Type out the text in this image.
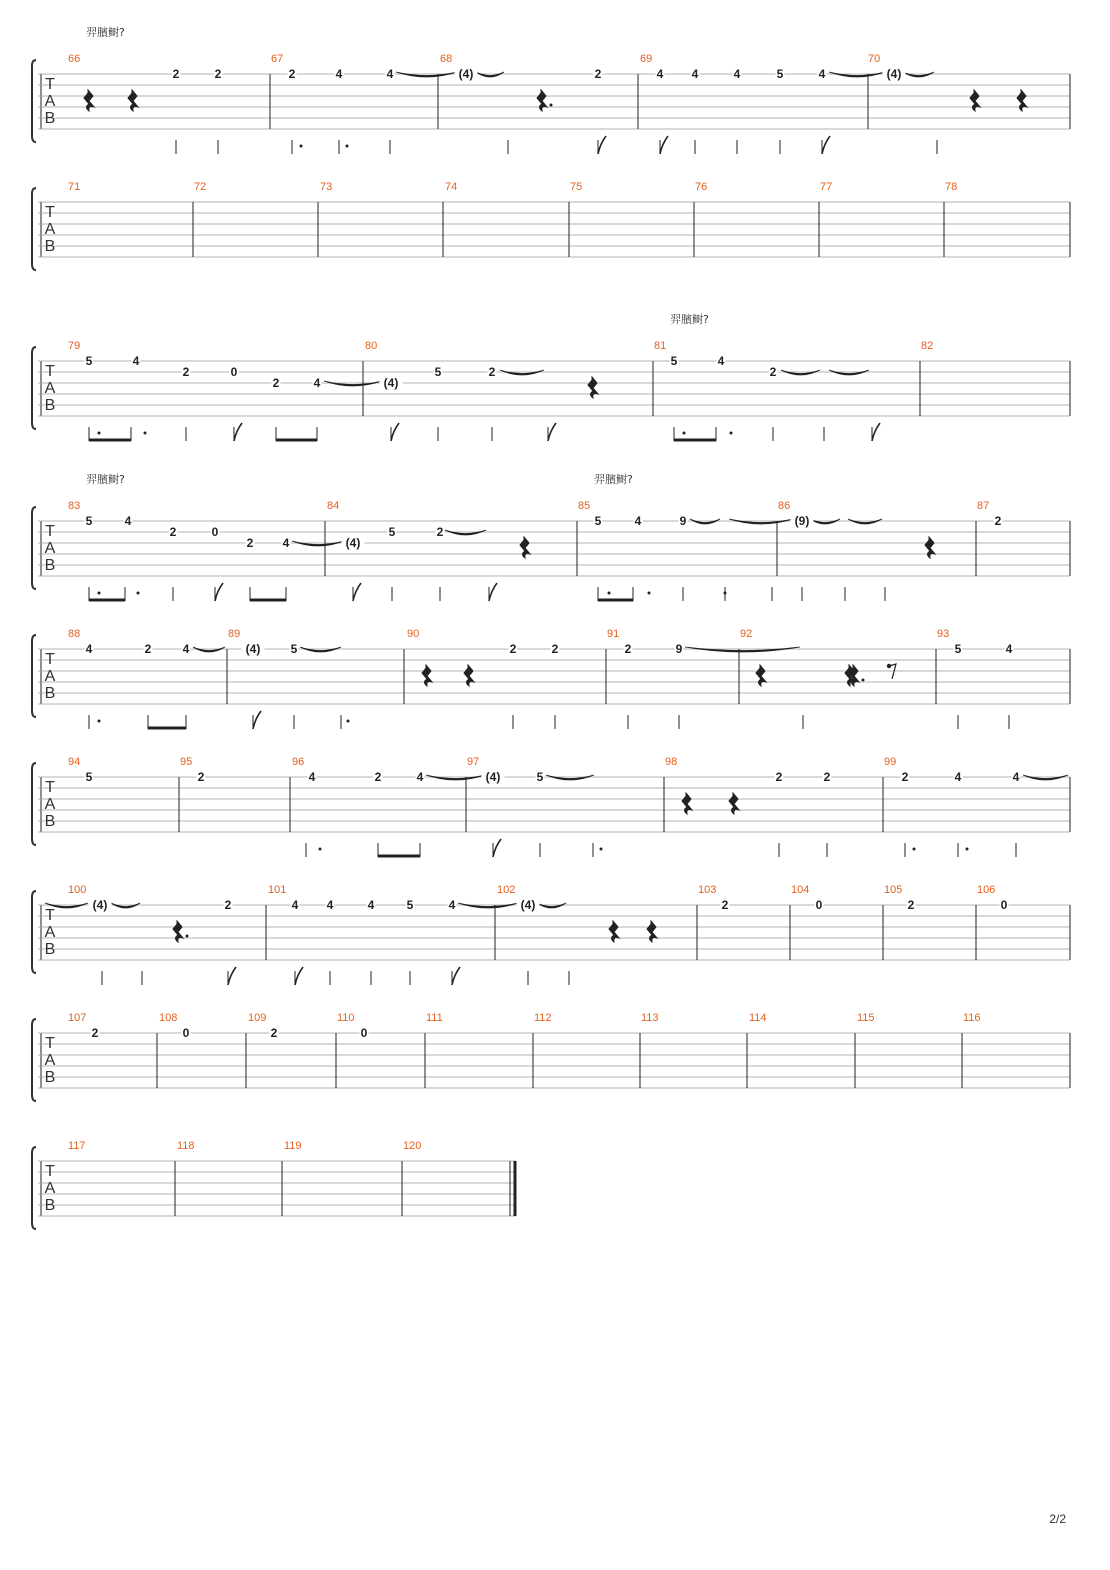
T
A
B
66	67	68	69	70
2	2	2	4	4	(4)	2	4 4	4	5	4	(4)
T
A
B
71	72	73	74	75	76	77	78
T
A
B
79	80	81	82
5	4
2	0
2	4	(4)
5	2
5	4
2
T
A
B
83	84	85	86	87
5	4
2	0
2 4	(4)
5	2
5	4	9	(9)	2
T
A
B
88	89	90	91	92	93
4	2	4	(4)	5	2	2	2	9	5	4
T
A
B
94	95	96	97	98	99
5	2	4	2	4	(4)	5	2	2	2	4	4
T
A
B
100	101	102	103	104	105	106
(4)	2	4 4	4	5	4	(4)	2	0	2	0
T
A
B
107	108	109	110	111	112	113	114	115	116
2	0	2	0
T
A
B
117	118	119	120
羿臏鲥?
羿臏鲥?
羿臏鲥?	羿臏鲥?
2/2
